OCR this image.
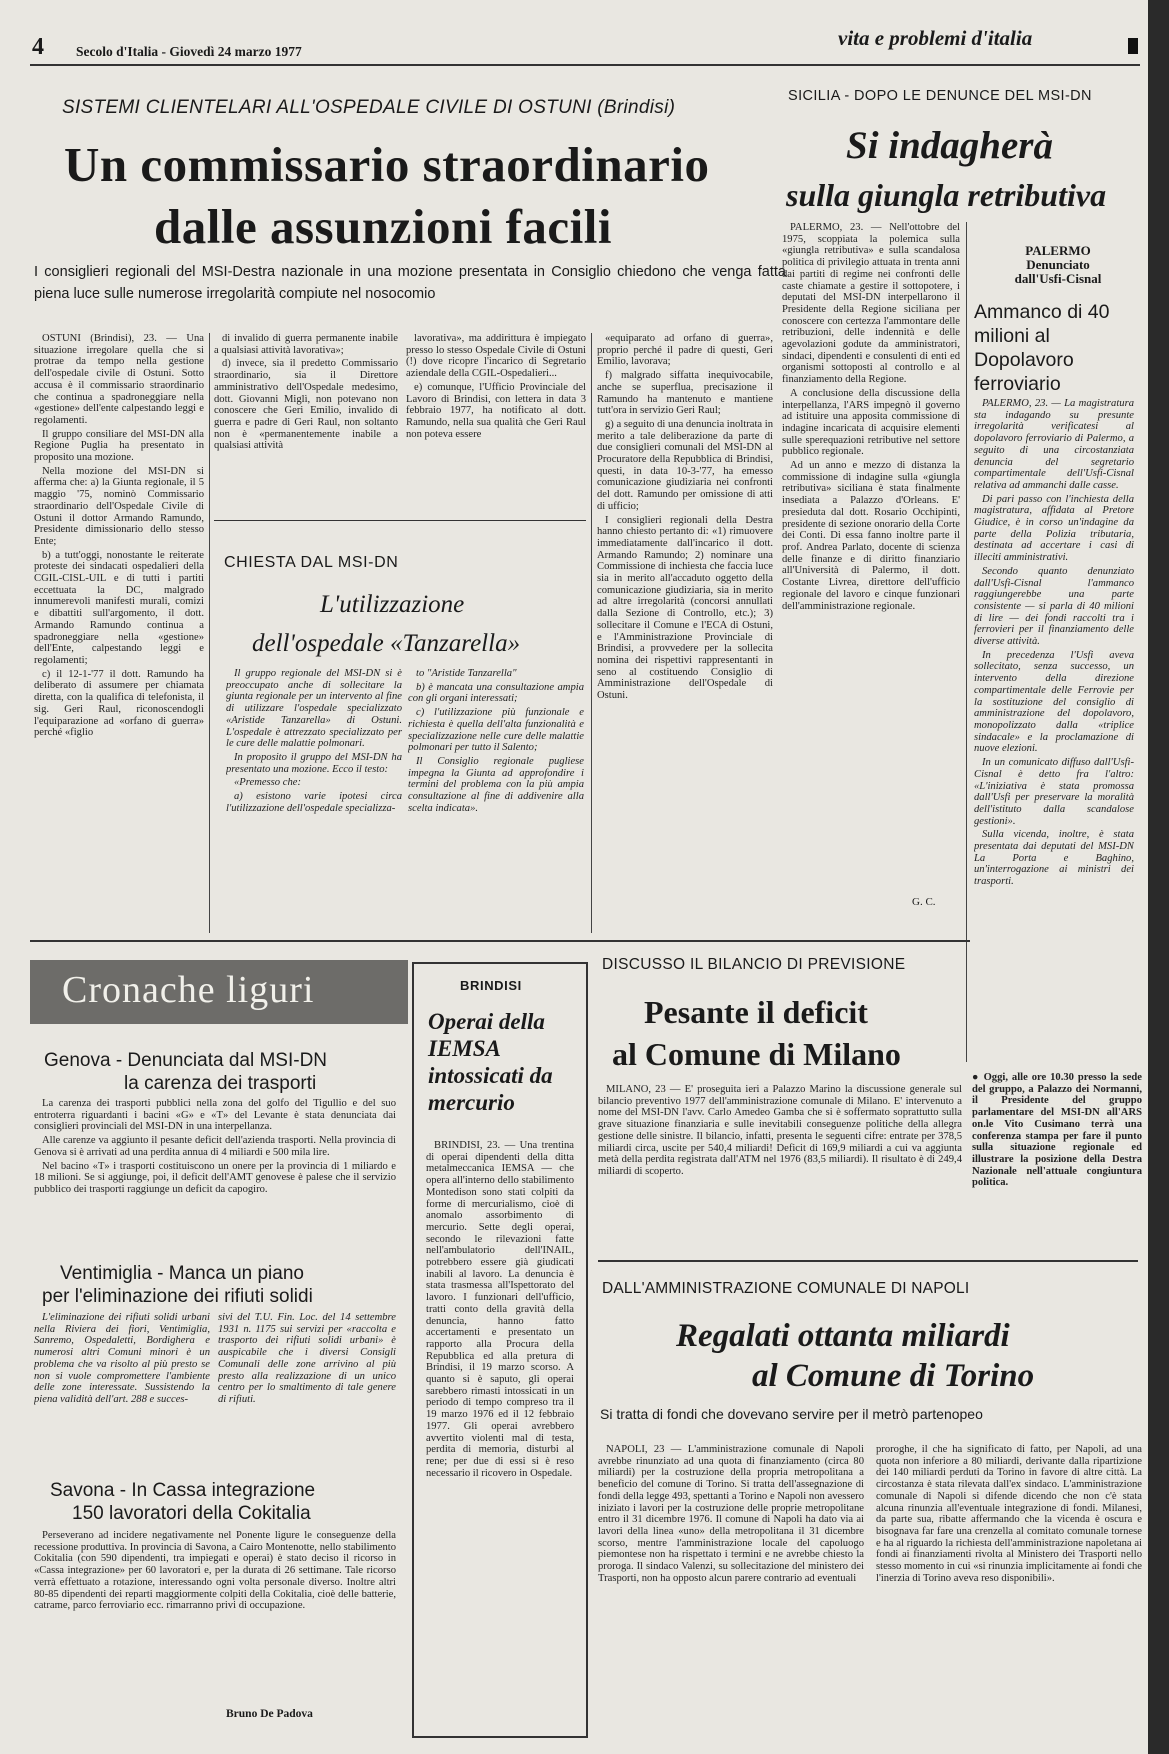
4 Secolo d'Italia - Giovedì 24 marzo 1977
vita e problemi d'italia
SISTEMI CLIENTELARI ALL'OSPEDALE CIVILE DI OSTUNI (Brindisi)
Un commissario straordinario
dalle assunzioni facili
I consiglieri regionali del MSI-Destra nazionale in una mozione presentata in Consiglio chiedono che venga fatta piena luce sulle numerose irregolarità compiute nel nosocomio

OSTUNI (Brindisi), 23. — Una situazione irregolare quella che si protrae da tempo nella gestione dell'ospedale civile di Ostuni. Sotto accusa è il commissario straordinario che continua a spadroneggiare nella «gestione» dell'ente calpestando leggi e regolamenti.

Il gruppo consiliare del MSI-DN alla Regione Puglia ha presentato in proposito una mozione.

Nella mozione del MSI-DN si afferma che: a) la Giunta regionale, il 5 maggio '75, nominò Commissario straordinario dell'Ospedale Civile di Ostuni il dottor Armando Ramundo, Presidente dimissionario dello stesso Ente;

b) a tutt'oggi, nonostante le reiterate proteste dei sindacati ospedalieri della CGIL-CISL-UIL e di tutti i partiti eccettuata la DC, malgrado innumerevoli manifesti murali, comizi e dibattiti sull'argomento, il dott. Armando Ramundo continua a spadroneggiare nella «gestione» dell'Ente, calpestando leggi e regolamenti;

c) il 12-1-'77 il dott. Ramundo ha deliberato di assumere per chiamata diretta, con la qualifica di telefonista, il sig. Geri Raul, riconoscendogli l'equiparazione ad «orfano di guerra» perché «figlio

di invalido di guerra permanente inabile a qualsiasi attività lavorativa»;

d) invece, sia il predetto Commissario straordinario, sia il Direttore amministrativo dell'Ospedale medesimo, dott. Giovanni Miglì, non potevano non conoscere che Geri Emilio, invalido di guerra e padre di Geri Raul, non soltanto non è «permanentemente inabile a qualsiasi attività

lavorativa», ma addirittura è impiegato presso lo stesso Ospedale Civile di Ostuni (!) dove ricopre l'incarico di Segretario aziendale della CGIL-Ospedalieri...

e) comunque, l'Ufficio Provinciale del Lavoro di Brindisi, con lettera in data 3 febbraio 1977, ha notificato al dott. Ramundo, nella sua qualità che Geri Raul non poteva essere

«equiparato ad orfano di guerra», proprio perché il padre di questi, Geri Emilio, lavorava;

f) malgrado siffatta inequivocabile, anche se superflua, precisazione il Ramundo ha mantenuto e mantiene tutt'ora in servizio Geri Raul;

g) a seguito di una denuncia inoltrata in merito a tale deliberazione da parte di due consiglieri comunali del MSI-DN al Procuratore della Repubblica di Brindisi, questi, in data 10-3-'77, ha emesso comunicazione giudiziaria nei confronti del dott. Ramundo per omissione di atti di ufficio;

I consiglieri regionali della Destra hanno chiesto pertanto di: «1) rimuovere immediatamente dall'incarico il dott. Armando Ramundo; 2) nominare una Commissione di inchiesta che faccia luce sia in merito all'accaduto oggetto della comunicazione giudiziaria, sia in merito ad altre irregolarità (concorsi annullati dalla Sezione di Controllo, etc.); 3) sollecitare il Comune e l'ECA di Ostuni, e l'Amministrazione Provinciale di Brindisi, a provvedere per la sollecita nomina dei rispettivi rappresentanti in seno al costituendo Consiglio di Amministrazione dell'Ospedale di Ostuni.

CHIESTA DAL MSI-DN
L'utilizzazione
dell'ospedale «Tanzarella»

Il gruppo regionale del MSI-DN si è preoccupato anche di sollecitare la giunta regionale per un intervento al fine di utilizzare l'ospedale specializzato «Aristide Tanzarella» di Ostuni. L'ospedale è attrezzato specializzato per le cure delle malattie polmonari.

In proposito il gruppo del MSI-DN ha presentato una mozione. Ecco il testo:

«Premesso che:

a) esistono varie ipotesi circa l'utilizzazione dell'ospedale specializza-

to "Aristide Tanzarella"

b) è mancata una consultazione ampia con gli organi interessati;

c) l'utilizzazione più funzionale e richiesta è quella dell'alta funzionalità e specializzazione nelle cure delle malattie polmonari per tutto il Salento;

Il Consiglio regionale pugliese impegna la Giunta ad approfondire i termini del problema con la più ampia consultazione al fine di addivenire alla scelta indicata».

SICILIA - DOPO LE DENUNCE DEL MSI-DN
Si indagherà
sulla giungla retributiva

PALERMO, 23. — Nell'ottobre del 1975, scoppiata la polemica sulla «giungla retributiva» e sulla scandalosa politica di privilegio attuata in trenta anni dai partiti di regime nei confronti delle caste chiamate a gestire il sottopotere, i deputati del MSI-DN interpellarono il Presidente della Regione siciliana per conoscere con certezza l'ammontare delle retribuzioni, delle indennità e delle agevolazioni godute da amministratori, sindaci, dipendenti e consulenti di enti ed organismi sottoposti al controllo e al finanziamento della Regione.

A conclusione della discussione della interpellanza, l'ARS impegnò il governo ad istituire una apposita commissione di indagine incaricata di acquisire elementi sulle sperequazioni retributive nel settore pubblico regionale.

Ad un anno e mezzo di distanza la commissione di indagine sulla «giungla retributiva» siciliana è stata finalmente insediata a Palazzo d'Orleans. E' presieduta dal dott. Rosario Occhipinti, presidente di sezione onorario della Corte dei Conti. Di essa fanno inoltre parte il prof. Andrea Parlato, docente di scienza delle finanze e di diritto finanziario all'Università di Palermo, il dott. Costante Livrea, direttore dell'ufficio regionale del lavoro e cinque funzionari dell'amministrazione regionale.

G. C.
PALERMO Denunciato dall'Usfi-Cisnal
Ammanco di 40 milioni al Dopolavoro ferroviario

PALERMO, 23. — La magistratura sta indagando su presunte irregolarità verificatesi al dopolavoro ferroviario di Palermo, a seguito di una circostanziata denuncia del segretario compartimentale dell'Usfi-Cisnal relativa ad ammanchi dalle casse.

Di pari passo con l'inchiesta della magistratura, affidata al Pretore Giudice, è in corso un'indagine da parte della Polizia tributaria, destinata ad accertare i casi di illeciti amministrativi.

Secondo quanto denunziato dall'Usfi-Cisnal l'ammanco raggiungerebbe una parte consistente — si parla di 40 milioni di lire — dei fondi raccolti tra i ferrovieri per il finanziamento delle diverse attività.

In precedenza l'Usfi aveva sollecitato, senza successo, un intervento della direzione compartimentale delle Ferrovie per la sostituzione del consiglio di amministrazione del dopolavoro, monopolizzato dalla «triplice sindacale» e la proclamazione di nuove elezioni.

In un comunicato diffuso dall'Usfi-Cisnal è detto fra l'altro: «L'iniziativa è stata promossa dall'Usfi per preservare la moralità dell'istituto dalla scandalose gestioni».

Sulla vicenda, inoltre, è stata presentata dai deputati del MSI-DN La Porta e Baghino, un'interrogazione ai ministri dei trasporti.

● Oggi, alle ore 10.30 presso la sede del gruppo, a Palazzo dei Normanni, il Presidente del gruppo parlamentare del MSI-DN all'ARS on.le Vito Cusimano terrà una conferenza stampa per fare il punto sulla situazione regionale ed illustrare la posizione della Destra Nazionale nell'attuale congiuntura politica.
Cronache liguri
Genova - Denunciata dal MSI-DN
la carenza dei trasporti

La carenza dei trasporti pubblici nella zona del golfo del Tigullio e del suo entroterra riguardanti i bacini «G» e «T» del Levante è stata denunciata dai consiglieri provinciali del MSI-DN in una interpellanza.

Alle carenze va aggiunto il pesante deficit dell'azienda trasporti. Nella provincia di Genova si è arrivati ad una perdita annua di 4 miliardi e 500 mila lire.

Nel bacino «T» i trasporti costituiscono un onere per la provincia di 1 miliardo e 18 milioni. Se si aggiunge, poi, il deficit dell'AMT genovese è palese che il servizio pubblico dei trasporti raggiunge un deficit da capogiro.

Ventimiglia - Manca un piano
per l'eliminazione dei rifiuti solidi
L'eliminazione dei rifiuti solidi urbani nella Riviera dei fiori, Ventimiglia, Sanremo, Ospedaletti, Bordighera e numerosi altri Comuni minori è un problema che va risolto al più presto se non si vuole compromettere l'ambiente delle zone interessate. Sussistendo la piena validità dell'art. 288 e succes-
sivi del T.U. Fin. Loc. del 14 settembre 1931 n. 1175 sui servizi per «raccolta e trasporto dei rifiuti solidi urbani» è auspicabile che i diversi Consigli Comunali delle zone arrivino al più presto alla realizzazione di un unico centro per lo smaltimento di tale genere di rifiuti.
Savona - In Cassa integrazione
150 lavoratori della Cokitalia
Perseverano ad incidere negativamente nel Ponente ligure le conseguenze della recessione produttiva. In provincia di Savona, a Cairo Montenotte, nello stabilimento Cokitalia (con 590 dipendenti, tra impiegati e operai) è stato deciso il ricorso in «Cassa integrazione» per 60 lavoratori e, per la durata di 26 settimane. Tale ricorso verrà effettuato a rotazione, interessando ogni volta personale diverso. Inoltre altri 80-85 dipendenti dei reparti maggiormente colpiti della Cokitalia, cioè delle batterie, catrame, parco ferroviario ecc. rimarranno privi di occupazione.
Bruno De Padova
BRINDISI
Operai della IEMSA intossicati da mercurio
BRINDISI, 23. — Una trentina di operai dipendenti della ditta metalmeccanica IEMSA — che opera all'interno dello stabilimento Montedison sono stati colpiti da forme di mercurialismo, cioè di anomalo assorbimento di mercurio. Sette degli operai, secondo le rilevazioni fatte nell'ambulatorio dell'INAIL, potrebbero essere già giudicati inabili al lavoro. La denuncia è stata trasmessa all'Ispettorato del lavoro. I funzionari dell'ufficio, tratti conto della gravità della denuncia, hanno fatto accertamenti e presentato un rapporto alla Procura della Repubblica ed alla pretura di Brindisi, il 19 marzo scorso. A quanto si è saputo, gli operai sarebbero rimasti intossicati in un periodo di tempo compreso tra il 19 marzo 1976 ed il 12 febbraio 1977. Gli operai avrebbero avvertito violenti mal di testa, perdita di memoria, disturbi al rene; per due di essi si è reso necessario il ricovero in Ospedale.
DISCUSSO IL BILANCIO DI PREVISIONE
Pesante il deficit
al Comune di Milano
MILANO, 23 — E' proseguita ieri a Palazzo Marino la discussione generale sul bilancio preventivo 1977 dell'amministrazione comunale di Milano. E' intervenuto a nome del MSI-DN l'avv. Carlo Amedeo Gamba che si è soffermato soprattutto sulla grave situazione finanziaria e sulle inevitabili conseguenze politiche della allegra gestione delle sinistre. Il bilancio, infatti, presenta le seguenti cifre: entrate per 378,5 miliardi circa, uscite per 540,4 miliardi! Deficit di 169,9 miliardi a cui va aggiunta metà della perdita registrata dall'ATM nel 1976 (83,5 miliardi). Il risultato è di 249,4 miliardi di scoperto.
DALL'AMMINISTRAZIONE COMUNALE DI NAPOLI
Regalati ottanta miliardi
al Comune di Torino
Si tratta di fondi che dovevano servire per il metrò partenopeo
NAPOLI, 23 — L'amministrazione comunale di Napoli avrebbe rinunziato ad una quota di finanziamento (circa 80 miliardi) per la costruzione della propria metropolitana a beneficio del comune di Torino. Si tratta dell'assegnazione di fondi della legge 493, spettanti a Torino e Napoli non avessero iniziato i lavori per la costruzione delle proprie metropolitane entro il 31 dicembre 1976. Il comune di Napoli ha dato via ai lavori della linea «uno» della metropolitana il 31 dicembre scorso, mentre l'amministrazione locale del capoluogo piemontese non ha rispettato i termini e ne avrebbe chiesto la proroga. Il sindaco Valenzi, su sollecitazione del ministero dei Trasporti, non ha opposto alcun parere contrario ad eventuali
proroghe, il che ha significato di fatto, per Napoli, ad una quota non inferiore a 80 miliardi, derivante dalla ripartizione dei 140 miliardi perduti da Torino in favore di altre città. La circostanza è stata rilevata dall'ex sindaco. L'amministrazione comunale di Napoli si difende dicendo che non c'è stata alcuna rinunzia all'eventuale integrazione di fondi. Milanesi, da parte sua, ribatte affermando che la vicenda è oscura e bisognava far fare una crenzella al comitato comunale tornese e ha al riguardo la richiesta dell'amministrazione napoletana ai fondi ai finanziamenti rivolta al Ministero dei Trasporti nello stesso momento in cui «si rinunzia implicitamente ai fondi che l'inerzia di Torino aveva reso disponibili».
